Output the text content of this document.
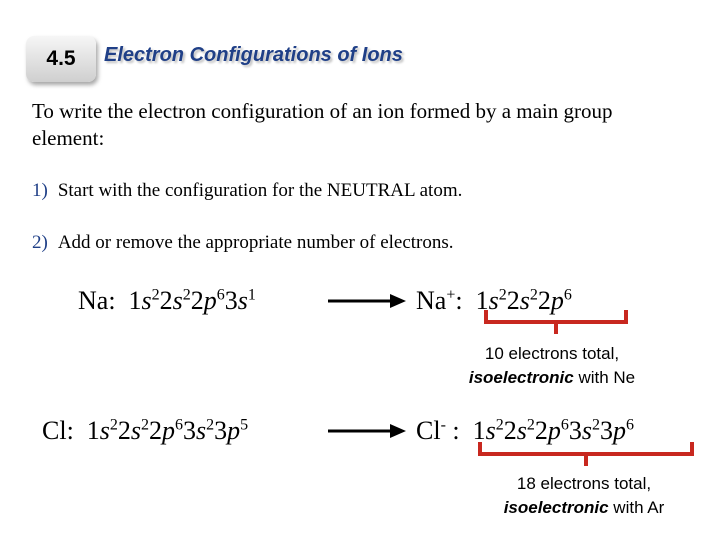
4.5	Electron Configurations of Ions
To write the electron configuration of an ion formed by a main group element:
1) Start with the configuration for the NEUTRAL atom.
2) Add or remove the appropriate number of electrons.
Na:  $1s^22s^22p^63s^1$	Na+:  $1s^22s^22p^6$
10 electrons total,
isoelectronic with Ne
Cl:  $1s^22s^22p^63s^23p^5$	Cl- :  $1s^22s^22p^63s^23p^6$
18 electrons total,
isoelectronic with Ar
